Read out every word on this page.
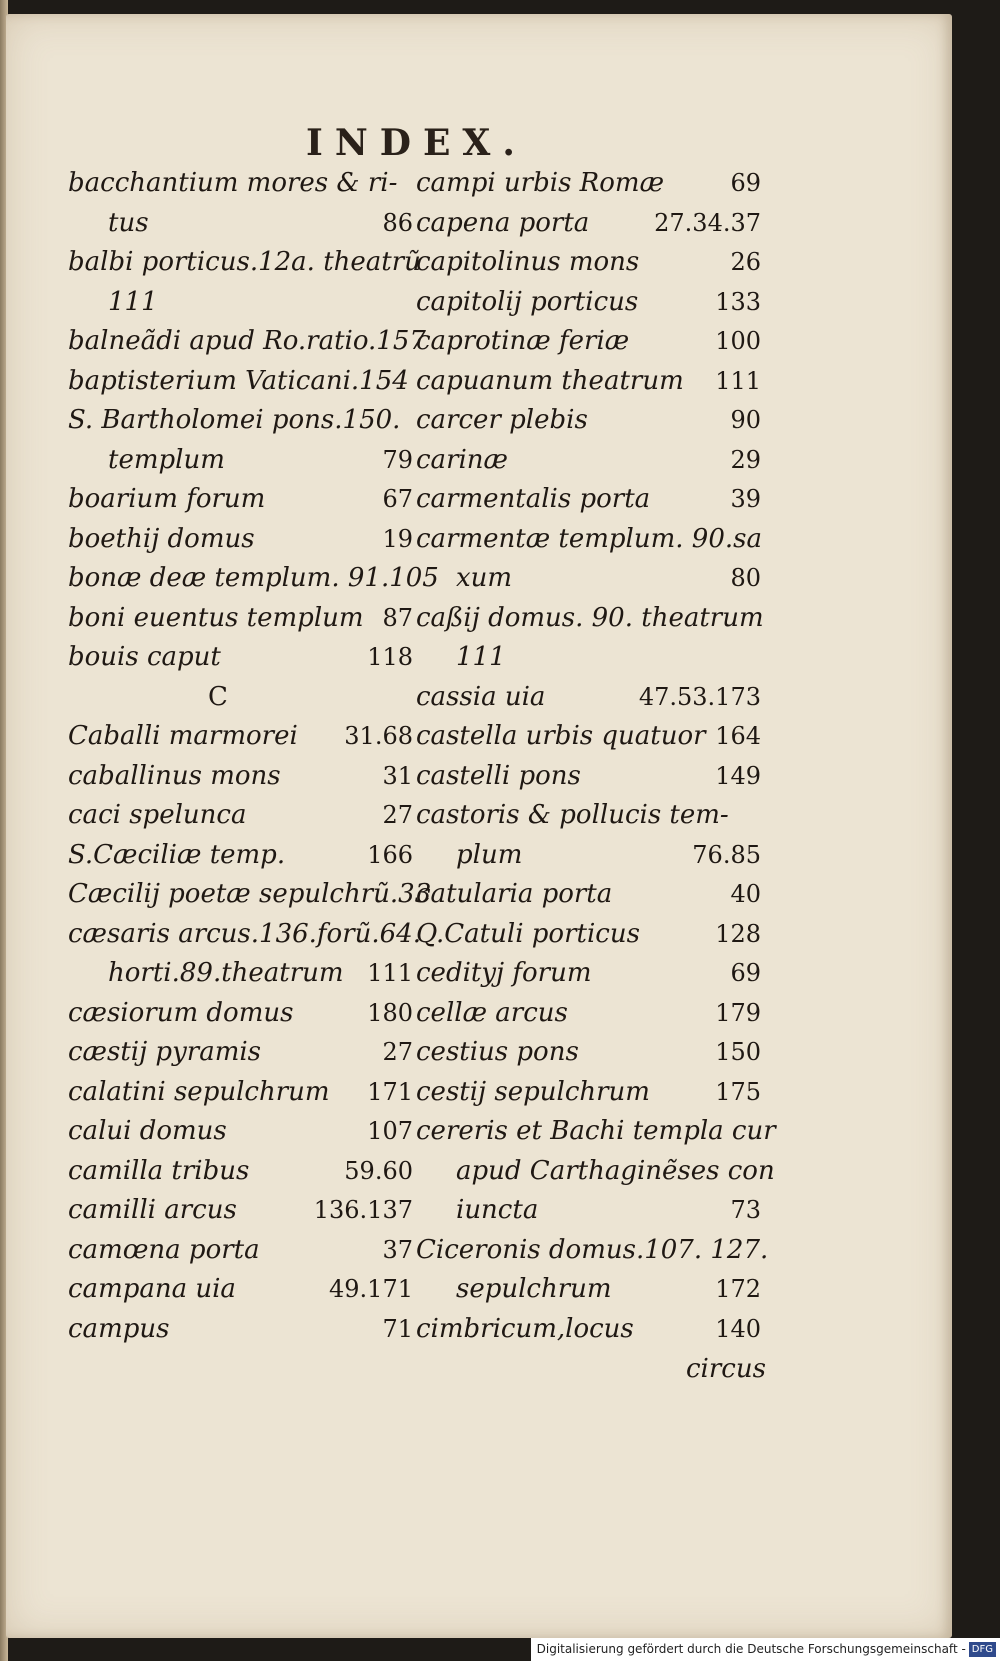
INDEX.
bacchantium mores & ri-
tus	86
balbi porticus.12a. theatrũ
111
balneãdi apud Ro.ratio.157
baptisterium Vaticani.154
S. Bartholomei pons.150.
templum	79
boarium forum	67
boethij domus	19
bonæ deæ templum. 91.105
boni euentus templum 87
bouis caput	118
C
Caballi marmorei 31.68
caballinus mons	31
caci spelunca	27
S.Cæciliæ temp.	166
Cæcilij poetæ sepulchrũ.33
cæsaris arcus.136.forũ.64.
horti.89.theatrum 111
cæsiorum domus	180
cæstij pyramis	27
calatini sepulchrum 171
calui domus	107
camilla tribus	59.60
camilli arcus	136.137
camœna porta	37
campana uia	49.171
campus	71
campi urbis Romæ	69
capena porta	27.34.37
capitolinus mons	26
capitolij porticus	133
caprotinæ feriæ	100
capuanum theatrum 111
carcer plebis	90
carinæ	29
carmentalis porta	39
carmentæ templum. 90.sa
xum	80
caßij domus. 90. theatrum
111
cassia uia	47.53.173
castella urbis quatuor 164
castelli pons	149
castoris & pollucis tem-
plum	76.85
catularia porta	40
Q.Catuli porticus	128
cedityj forum	69
cellæ arcus	179
cestius pons	150
cestij sepulchrum	175
cereris et Bachi templa cur
apud Carthaginẽses con
iuncta	73
Ciceronis domus.107. 127.
sepulchrum	172
cimbricum,locus	140
circus
Digitalisierung gefördert durch die Deutsche Forschungsgemeinschaft - DFG
